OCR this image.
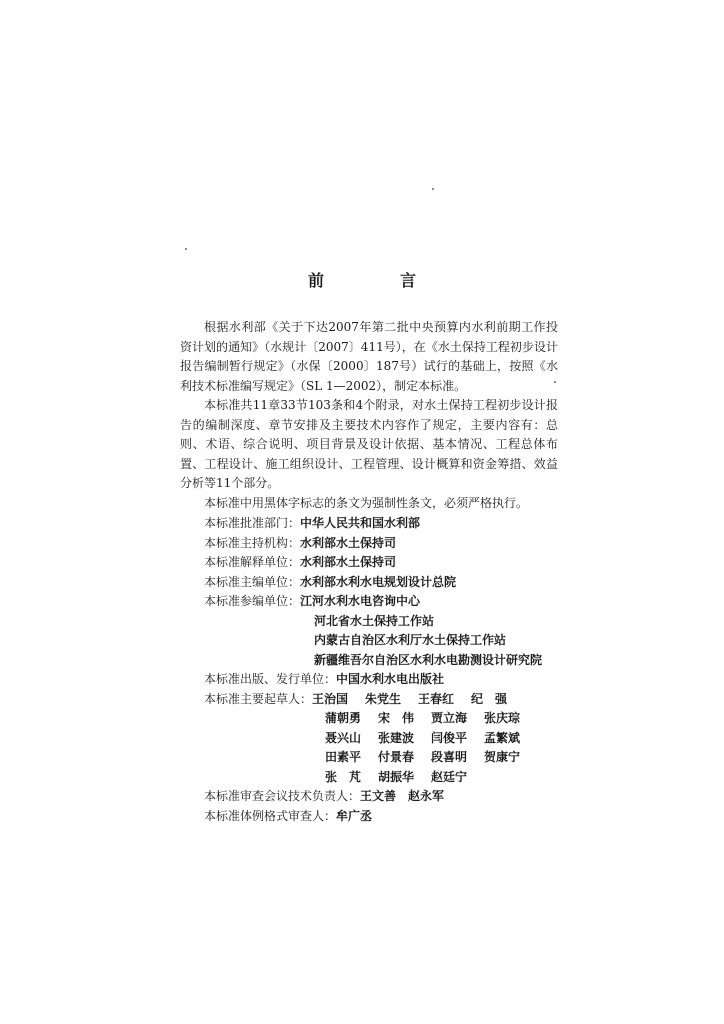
前　言

根据水利部《关于下达2007年第二批中央预算内水利前期工作投资计划的通知》（水规计〔2007〕411号），在《水土保持工程初步设计报告编制暂行规定》（水保〔2000〕187号）试行的基础上，按照《水利技术标准编写规定》（SL 1—2002），制定本标准。

本标准共11章33节103条和4个附录，对水土保持工程初步设计报告的编制深度、章节安排及主要技术内容作了规定，主要内容有：总则、术语、综合说明、项目背景及设计依据、基本情况、工程总体布置、工程设计、施工组织设计、工程管理、设计概算和资金筹措、效益分析等11个部分。

本标准中用黑体字标志的条文为强制性条文，必须严格执行。

本标准批准部门： 中华人民共和国水利部
本标准主持机构： 水利部水土保持司
本标准解释单位： 水利部水土保持司
本标准主编单位： 水利部水利水电规划设计总院
本标准参编单位： 江河水利水电咨询中心
河北省水土保持工作站
内蒙古自治区水利厅水土保持工作站
新疆维吾尔自治区水利水电勘测设计研究院
本标准出版、发行单位： 中国水利水电出版社
本标准主要起草人： 王治国	朱党生	王春红	纪　强
蒲朝勇	宋　伟	贾立海	张庆琮
聂兴山	张建波	闫俊平	孟繁斌
田素平	付景春	段喜明	贺康宁
张　芃	胡振华	赵廷宁
本标准审查会议技术负责人： 王文善　赵永军
本标准体例格式审查人： 牟广丞
